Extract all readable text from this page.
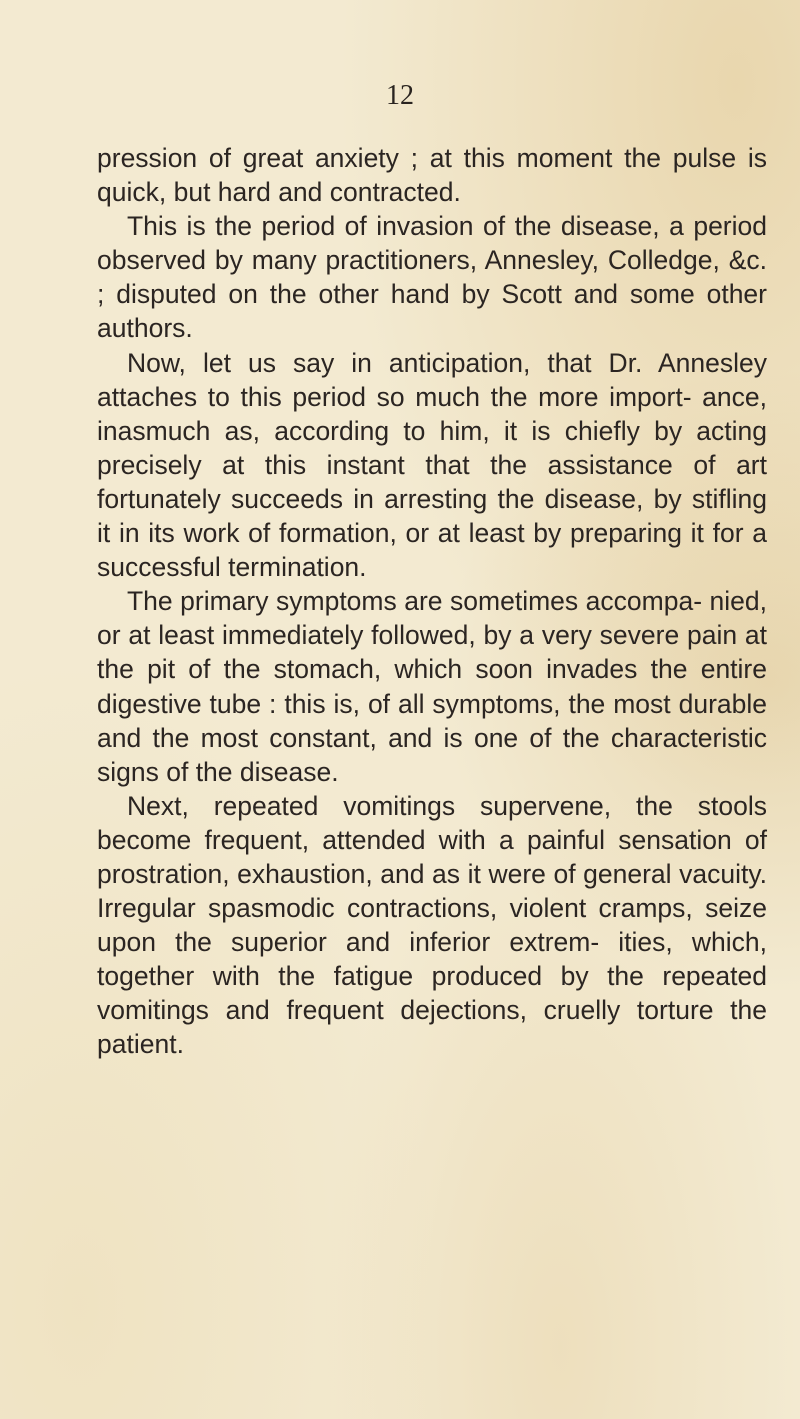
12

pression of great anxiety ; at this moment the pulse is quick, but hard and contracted.

This is the period of invasion of the disease, a period observed by many practitioners, Annesley, Colledge, &c. ; disputed on the other hand by Scott and some other authors.

Now, let us say in anticipation, that Dr. Annesley attaches to this period so much the more import- ance, inasmuch as, according to him, it is chiefly by acting precisely at this instant that the assistance of art fortunately succeeds in arresting the disease, by stifling it in its work of formation, or at least by preparing it for a successful termination.

The primary symptoms are sometimes accompa- nied, or at least immediately followed, by a very severe pain at the pit of the stomach, which soon invades the entire digestive tube : this is, of all symptoms, the most durable and the most constant, and is one of the characteristic signs of the disease.

Next, repeated vomitings supervene, the stools become frequent, attended with a painful sensation of prostration, exhaustion, and as it were of general vacuity. Irregular spasmodic contractions, violent cramps, seize upon the superior and inferior extrem- ities, which, together with the fatigue produced by the repeated vomitings and frequent dejections, cruelly torture the patient.
